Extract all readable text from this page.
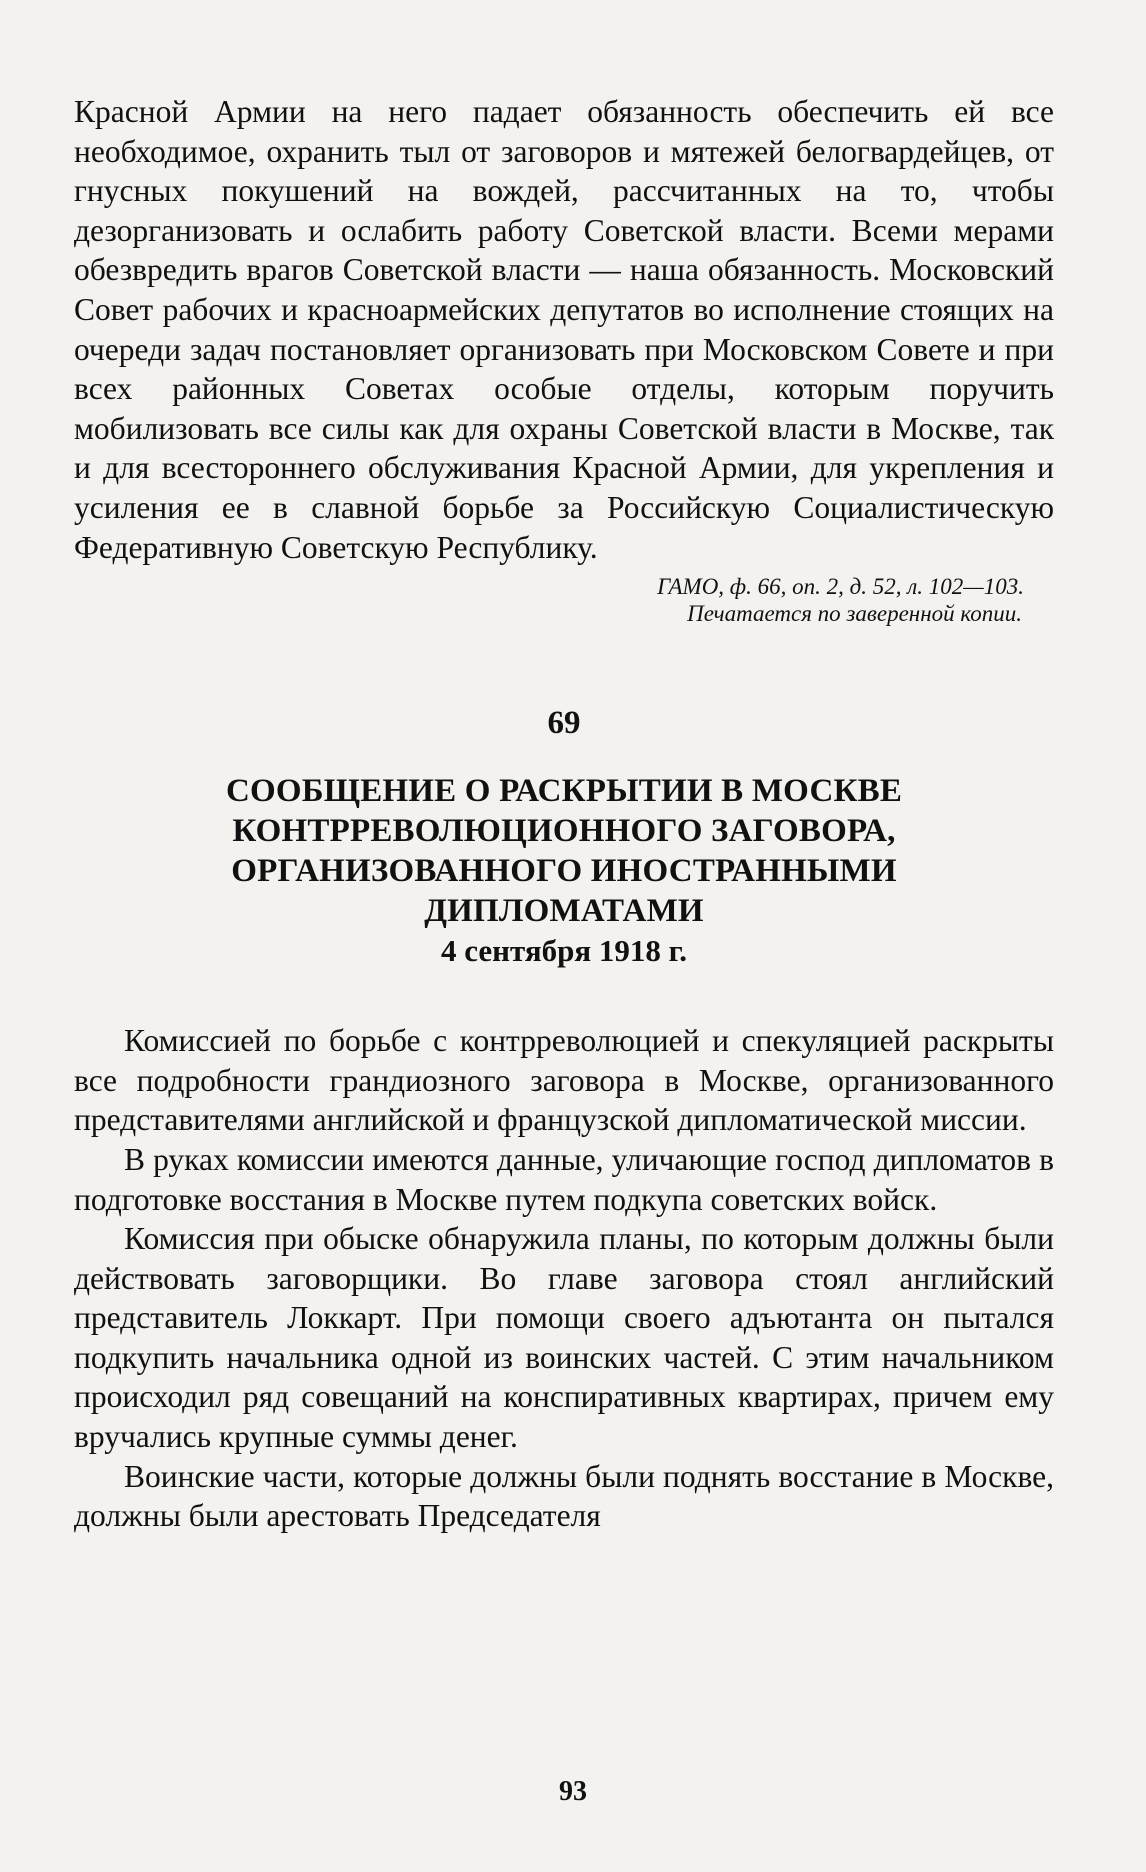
Красной Армии на него падает обязанность обеспечить ей все необходимое, охранить тыл от заговоров и мятежей белогвардейцев, от гнусных покушений на вождей, рассчитанных на то, чтобы дезорганизовать и ослабить работу Советской власти. Всеми мерами обезвредить врагов Советской власти — наша обязанность. Московский Совет рабочих и красноармейских депутатов во исполнение стоящих на очереди задач постановляет организовать при Московском Совете и при всех районных Советах особые отделы, которым поручить мобилизовать все силы как для охраны Советской власти в Москве, так и для всестороннего обслуживания Красной Армии, для укрепления и усиления ее в славной борьбе за Российскую Социалистическую Федеративную Советскую Республику.

ГАМО, ф. 66, оп. 2, д. 52, л. 102—103.
Печатается по заверенной копии.
69
СООБЩЕНИЕ О РАСКРЫТИИ В МОСКВЕ
КОНТРРЕВОЛЮЦИОННОГО ЗАГОВОРА,
ОРГАНИЗОВАННОГО ИНОСТРАННЫМИ
ДИПЛОМАТАМИ
4 сентября 1918 г.

Комиссией по борьбе с контрреволюцией и спекуляцией раскрыты все подробности грандиозного заговора в Москве, организованного представителями английской и французской дипломатической миссии.

В руках комиссии имеются данные, уличающие господ дипломатов в подготовке восстания в Москве путем подкупа советских войск.

Комиссия при обыске обнаружила планы, по которым должны были действовать заговорщики. Во главе заговора стоял английский представитель Локкарт. При помощи своего адъютанта он пытался подкупить начальника одной из воинских частей. С этим начальником происходил ряд совещаний на конспиративных квартирах, причем ему вручались крупные суммы денег.

Воинские части, которые должны были поднять восстание в Москве, должны были арестовать Председателя

93
